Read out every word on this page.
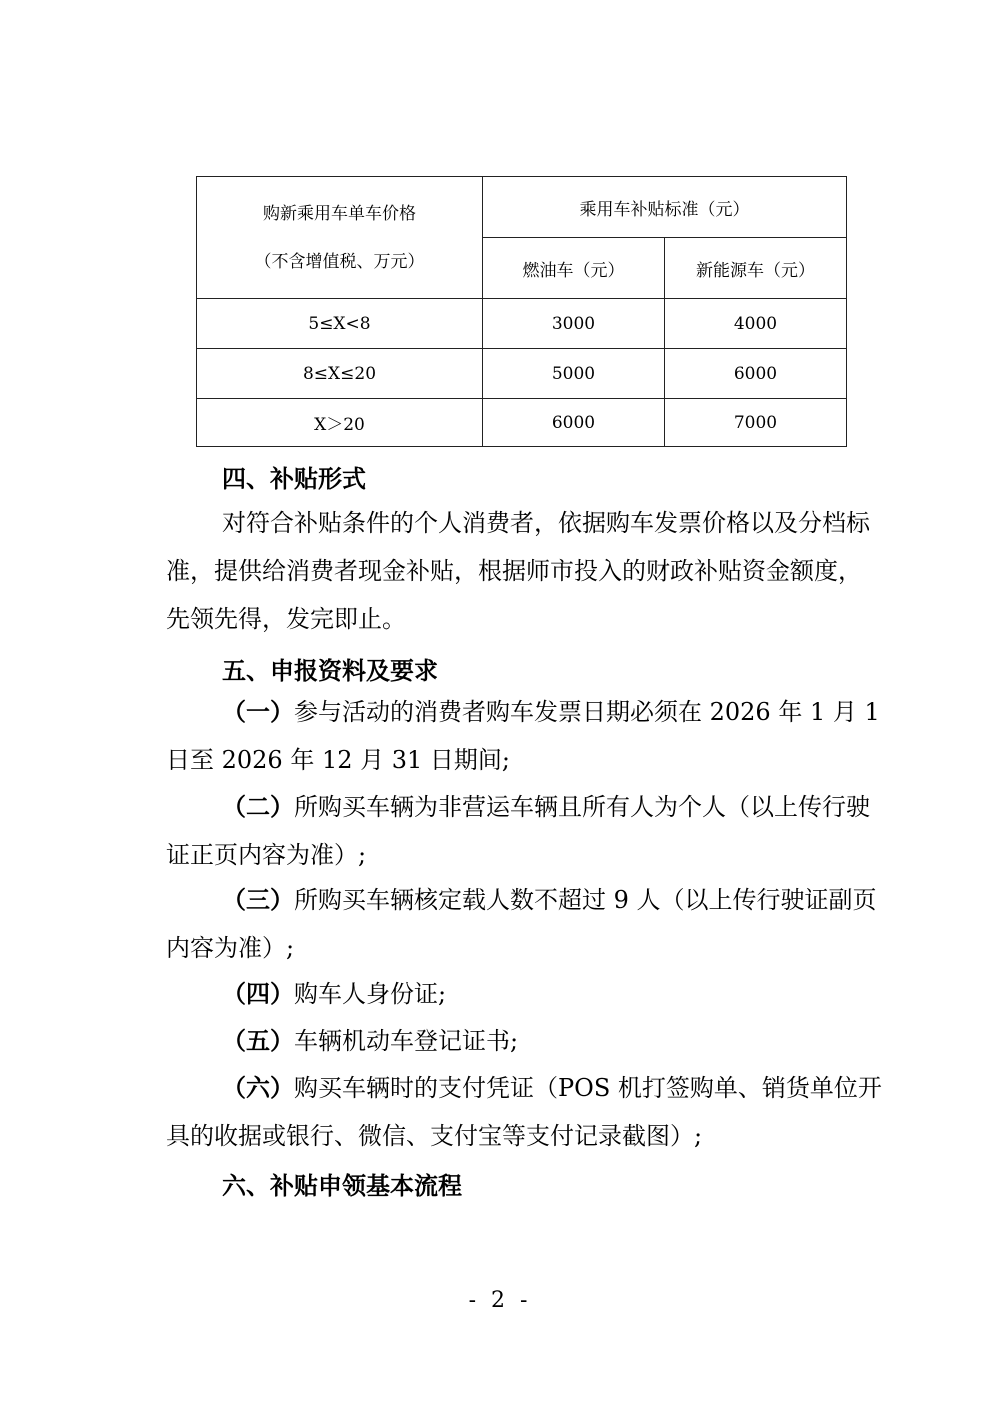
购新乘用车单车价格
（不含增值税、万元）	乘用车补贴标准（元）	
	燃油车（元）	新能源车（元）
5≤X<8	3000	4000
8≤X≤20	5000	6000
X＞20	6000	7000
四、补贴形式

对符合补贴条件的个人消费者，依据购车发票价格以及分档标准，提供给消费者现金补贴，根据师市投入的财政补贴资金额度，先领先得，发完即止。

五、申报资料及要求

（一）参与活动的消费者购车发票日期必须在 2026 年 1 月 1 日至 2026 年 12 月 31 日期间;

（二）所购买车辆为非营运车辆且所有人为个人（以上传行驶证正页内容为准）;

（三）所购买车辆核定载人数不超过 9 人（以上传行驶证副页内容为准）;

（四）购车人身份证;

（五）车辆机动车登记证书;

（六）购买车辆时的支付凭证（POS 机打签购单、销货单位开具的收据或银行、微信、支付宝等支付记录截图）;

六、补贴申领基本流程
- 2 -
